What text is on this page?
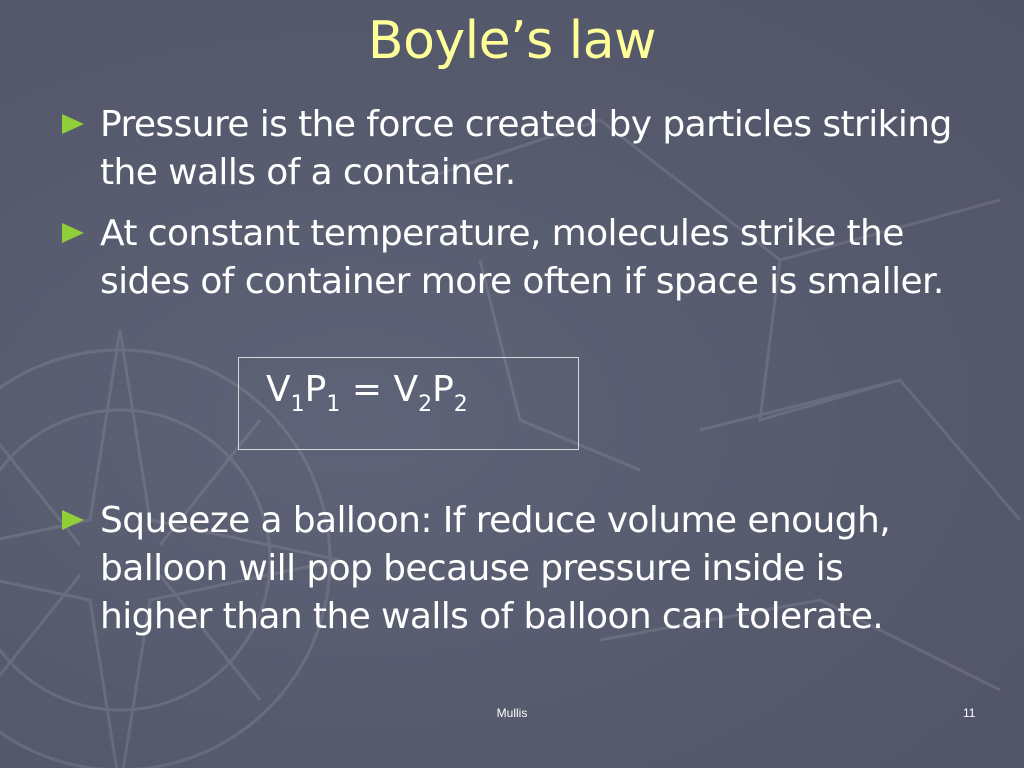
Boyle’s law
Pressure is the force created by particles striking the walls of a container.
At constant temperature, molecules strike the sides of container more often if space is smaller.
$V_1P_1 = V_2P_2$
Squeeze a balloon: If reduce volume enough, balloon will pop because pressure inside is higher than the walls of balloon can tolerate.
Mullis	11
